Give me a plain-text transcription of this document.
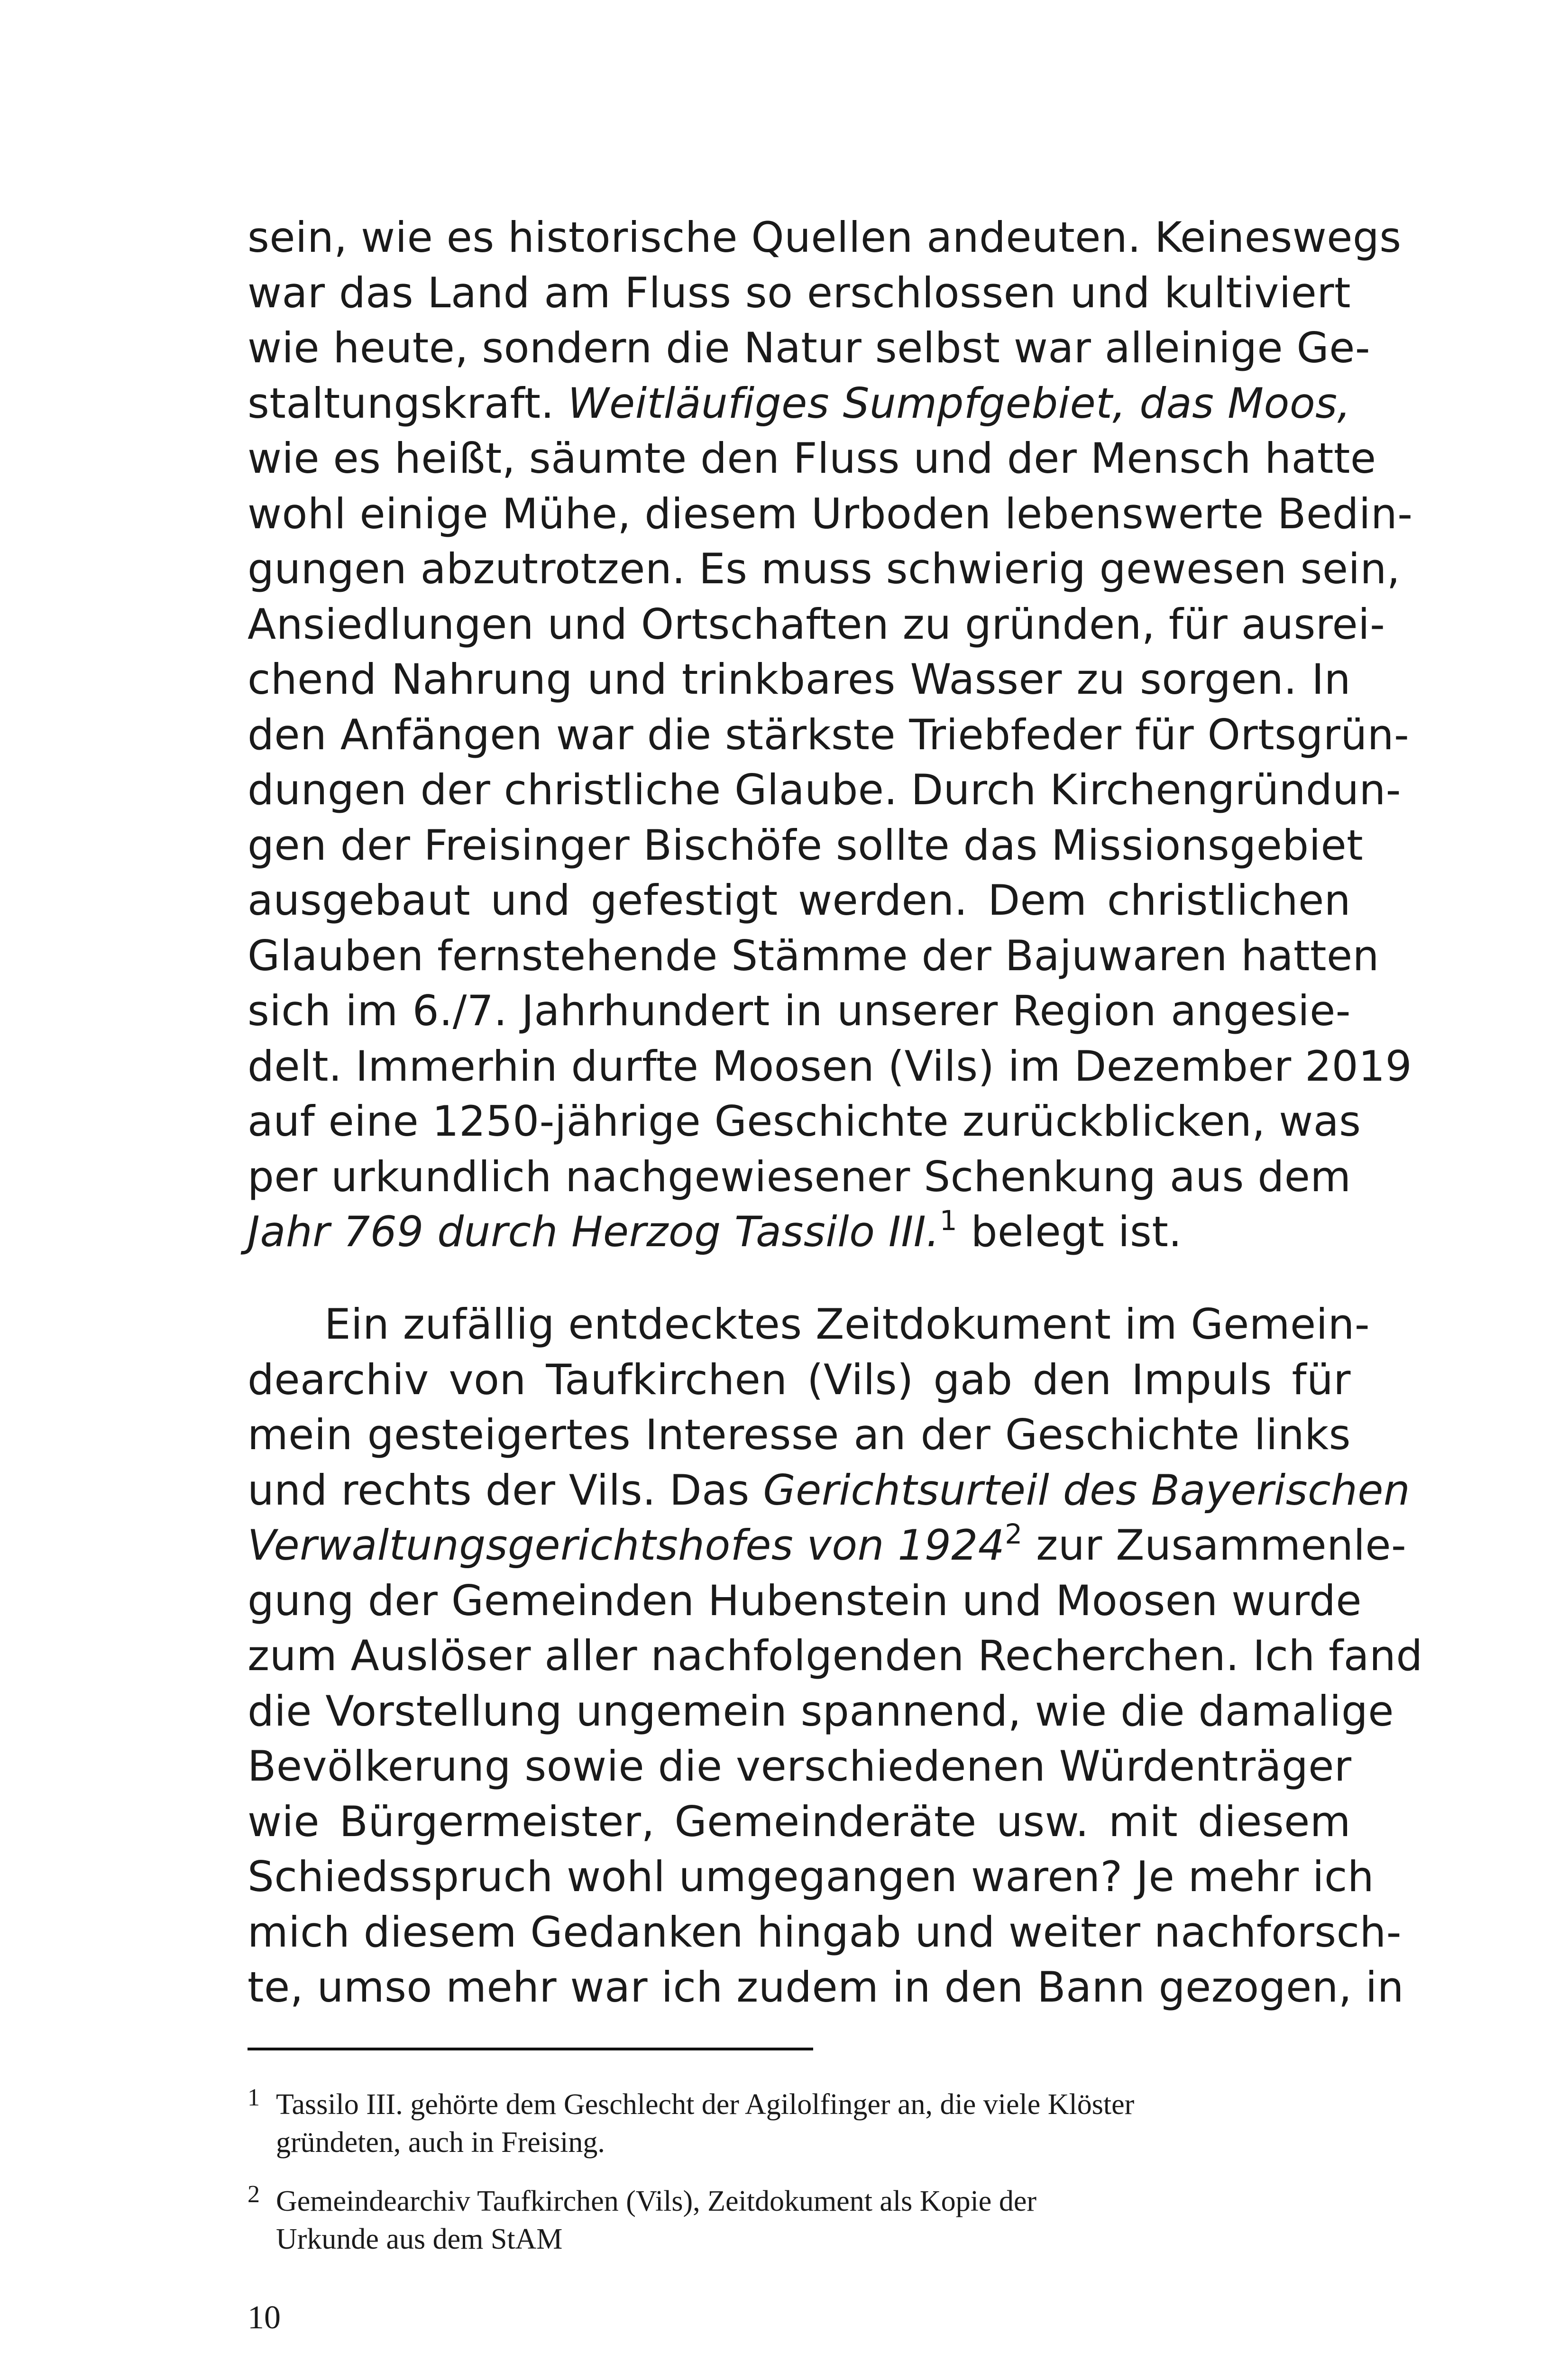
sein, wie es historische Quellen andeuten. Keineswegs
war das Land am Fluss so erschlossen und kultiviert
wie heute, sondern die Natur selbst war alleinige Ge-
staltungskraft. Weitläufiges Sumpfgebiet, das Moos,
wie es heißt, säumte den Fluss und der Mensch hatte
wohl einige Mühe, diesem Urboden lebenswerte Bedin-
gungen abzutrotzen. Es muss schwierig gewesen sein,
Ansiedlungen und Ortschaften zu gründen, für ausrei-
chend Nahrung und trinkbares Wasser zu sorgen. In
den Anfängen war die stärkste Triebfeder für Ortsgrün-
dungen der christliche Glaube. Durch Kirchengründun-
gen der Freisinger Bischöfe sollte das Missionsgebiet
ausgebaut und gefestigt werden. Dem christlichen
Glauben fernstehende Stämme der Bajuwaren hatten
sich im 6./7. Jahrhundert in unserer Region angesie-
delt. Immerhin durfte Moosen (Vils) im Dezember 2019
auf eine 1250-jährige Geschichte zurückblicken, was
per urkundlich nachgewiesener Schenkung aus dem
Jahr 769 durch Herzog Tassilo III.$^1$ belegt ist.

Ein zufällig entdecktes Zeitdokument im Gemein-
dearchiv von Taufkirchen (Vils) gab den Impuls für
mein gesteigertes Interesse an der Geschichte links
und rechts der Vils. Das Gerichtsurteil des Bayerischen
Verwaltungsgerichtshofes von 1924$^2$ zur Zusammenle-
gung der Gemeinden Hubenstein und Moosen wurde
zum Auslöser aller nachfolgenden Recherchen. Ich fand
die Vorstellung ungemein spannend, wie die damalige
Bevölkerung sowie die verschiedenen Würdenträger
wie Bürgermeister, Gemeinderäte usw. mit diesem
Schiedsspruch wohl umgegangen waren? Je mehr ich
mich diesem Gedanken hingab und weiter nachforsch-
te, umso mehr war ich zudem in den Bann gezogen, in

1 Tassilo III. gehörte dem Geschlecht der Agilolfinger an, die viele Klöster
gründeten, auch in Freising.
2 Gemeindearchiv Taufkirchen (Vils), Zeitdokument als Kopie der
Urkunde aus dem StAM
10
